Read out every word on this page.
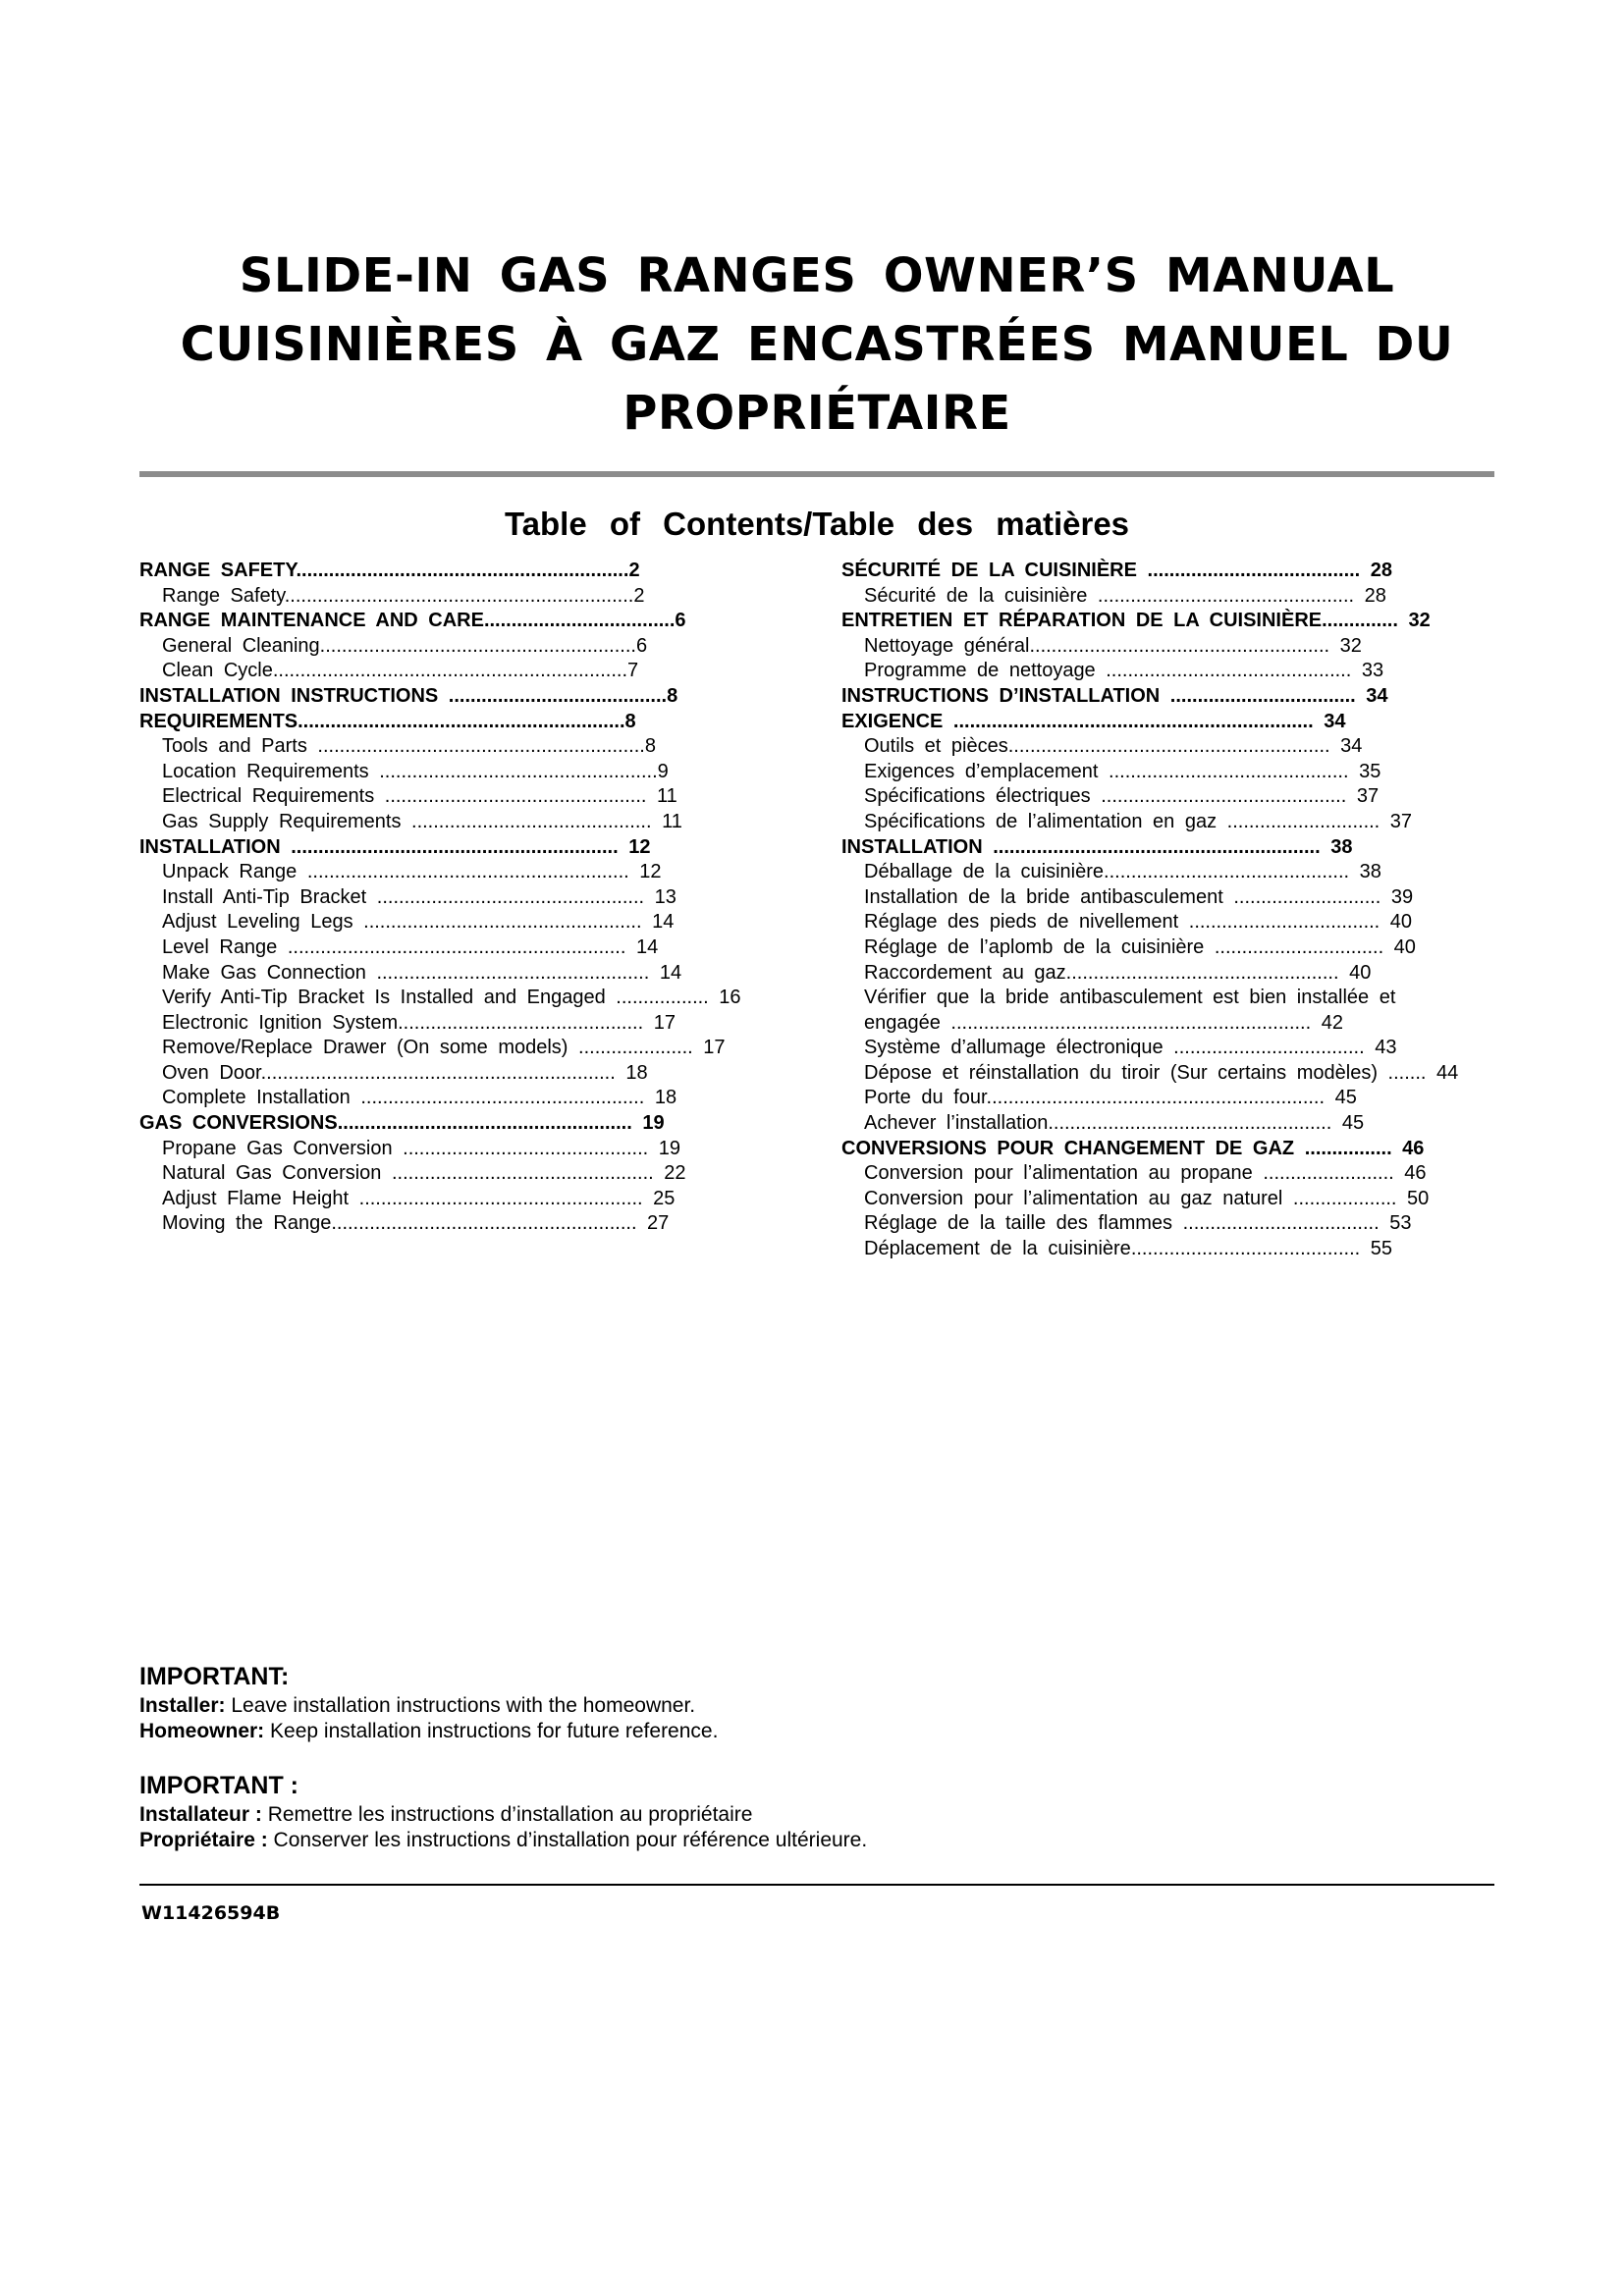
SLIDE-IN GAS RANGES OWNER’S MANUAL
CUISINIÈRES À GAZ ENCASTRÉES MANUEL DU
PROPRIÉTAIRE
Table of Contents/Table des matières
RANGE SAFETY.............................................................2
Range Safety................................................................2
RANGE MAINTENANCE AND CARE...................................6
General Cleaning..........................................................6
Clean Cycle.................................................................7
INSTALLATION INSTRUCTIONS ........................................8
REQUIREMENTS............................................................8
Tools and Parts ............................................................8
Location Requirements ...................................................9
Electrical Requirements ................................................ 11
Gas Supply Requirements ............................................ 11
INSTALLATION ............................................................ 12
Unpack Range ........................................................... 12
Install Anti-Tip Bracket ................................................. 13
Adjust Leveling Legs ................................................... 14
Level Range .............................................................. 14
Make Gas Connection .................................................. 14
Verify Anti-Tip Bracket Is Installed and Engaged ................. 16
Electronic Ignition System............................................. 17
Remove/Replace Drawer (On some models) ..................... 17
Oven Door................................................................. 18
Complete Installation .................................................... 18
GAS CONVERSIONS...................................................... 19
Propane Gas Conversion ............................................. 19
Natural Gas Conversion ................................................ 22
Adjust Flame Height .................................................... 25
Moving the Range........................................................ 27
SÉCURITÉ DE LA CUISINIÈRE ....................................... 28
Sécurité de la cuisinière ............................................... 28
ENTRETIEN ET RÉPARATION DE LA CUISINIÈRE.............. 32
Nettoyage général....................................................... 32
Programme de nettoyage ............................................. 33
INSTRUCTIONS D’INSTALLATION .................................. 34
EXIGENCE .................................................................. 34
Outils et pièces........................................................... 34
Exigences d’emplacement ............................................ 35
Spécifications électriques ............................................. 37
Spécifications de l’alimentation en gaz ............................ 37
INSTALLATION ............................................................ 38
Déballage de la cuisinière............................................. 38
Installation de la bride antibasculement ........................... 39
Réglage des pieds de nivellement ................................... 40
Réglage de l’aplomb de la cuisinière ............................... 40
Raccordement au gaz.................................................. 40
Vérifier que la bride antibasculement est bien installée et
engagée .................................................................. 42
Système d’allumage électronique ................................... 43
Dépose et réinstallation du tiroir (Sur certains modèles) ....... 44
Porte du four.............................................................. 45
Achever l’installation.................................................... 45
CONVERSIONS POUR CHANGEMENT DE GAZ ................ 46
Conversion pour l’alimentation au propane ........................ 46
Conversion pour l’alimentation au gaz naturel ................... 50
Réglage de la taille des flammes .................................... 53
Déplacement de la cuisinière.......................................... 55
IMPORTANT:
Installer: Leave installation instructions with the homeowner.
Homeowner: Keep installation instructions for future reference.
IMPORTANT :
Installateur : Remettre les instructions d’installation au propriétaire
Propriétaire : Conserver les instructions d’installation pour référence ultérieure.
W11426594B
